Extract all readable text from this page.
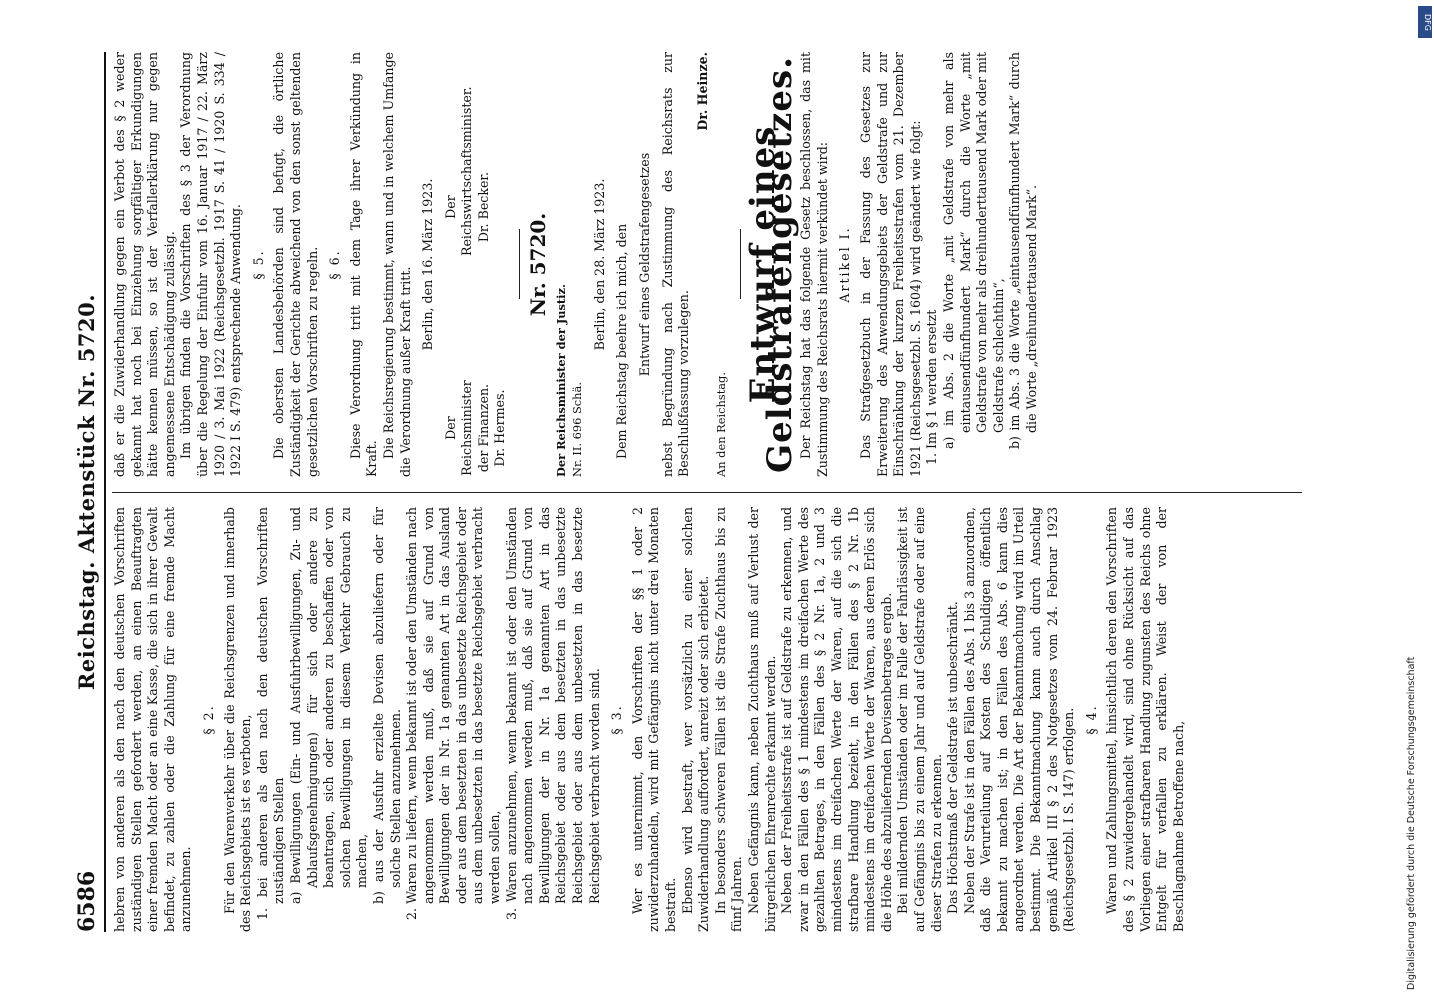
6586
Reichstag. Aktenstück Nr. 5720.

hebren von anderen als den nach den deutschen Vorschriften zuständigen Stellen gefordert werden, an einen Beauftragten einer fremden Macht oder an eine Kasse, die sich in ihrer Gewalt befindet, zu zahlen oder die Zahlung für eine fremde Macht anzunehmen.

§ 2. Für den Warenverkehr über die Reichsgrenzen und innerhalb des Reichsgebiets ist es verboten, 1. bei anderen als den nach den deutschen Vorschriften zuständigen Stellen a) Bewilligungen (Ein- und Ausfuhrbewilligungen, Zu- und Ablaufsgenehmigungen) für sich oder andere zu beantragen, sich oder anderen zu beschaffen oder von solchen Bewilligungen in diesem Verkehr Gebrauch zu machen, b) aus der Ausfuhr erzielte Devisen abzuliefern oder für solche Stellen anzunehmen. 2. Waren zu liefern, wenn bekannt ist oder den Umständen nach angenommen werden muß, daß sie auf Grund von Bewilligungen der in Nr. 1a genannten Art in das Ausland oder aus dem besetzten in das unbesetzte Reichsgebiet oder aus dem unbesetzten in das besetzte Reichsgebiet verbracht werden sollen, 3. Waren anzunehmen, wenn bekannt ist oder den Umständen nach angenommen werden muß, daß sie auf Grund von Bewilligungen der in Nr. 1a genannten Art in das Reichsgebiet oder aus dem besetzten in das unbesetzte Reichsgebiet oder aus dem unbesetzten in das besetzte Reichsgebiet verbracht worden sind. § 3. Wer es unternimmt, den Vorschriften der §§ 1 oder 2 zuwiderzuhandeln, wird mit Gefängnis nicht unter drei Monaten bestraft. Ebenso wird bestraft, wer vorsätzlich zu einer solchen Zuwiderhandlung auffordert, anreizt oder sich erbietet. In besonders schweren Fällen ist die Strafe Zuchthaus bis zu fünf Jahren. Neben Gefängnis kann, neben Zuchthaus muß auf Verlust der bürgerlichen Ehrenrechte erkannt werden. Neben der Freiheitsstrafe ist auf Geldstrafe zu erkennen, und zwar in den Fällen des § 1 mindestens im dreifachen Werte des gezahlten Betrages, in den Fällen des § 2 Nr. 1a, 2 und 3 mindestens im dreifachen Werte der Waren, auf die sich die strafbare Handlung bezieht, in den Fällen des § 2 Nr. 1b mindestens im dreifachen Werte der Waren, aus deren Erlös sich die Höhe des abzuliefernden Devisenbetrages ergab. Bei mildernden Umständen oder im Falle der Fahrlässigkeit ist auf Gefängnis bis zu einem Jahr und auf Geldstrafe oder auf eine dieser Strafen zu erkennen. Das Höchstmaß der Geldstrafe ist unbeschränkt. Neben der Strafe ist in den Fällen des Abs. 1 bis 3 anzuordnen, daß die Verurteilung auf Kosten des Schuldigen öffentlich bekannt zu machen ist; in den Fällen des Abs. 6 kann dies angeordnet werden. Die Art der Bekanntmachung wird im Urteil bestimmt. Die Bekanntmachung kann auch durch Anschlag gemäß Artikel III § 2 des Notgesetzes vom 24. Februar 1923 (Reichsgesetzbl. I S. 147) erfolgen. § 4. Waren und Zahlungsmittel, hinsichtlich deren den Vorschriften des § 2 zuwidergehandelt wird, sind ohne Rücksicht auf das Vorliegen einer strafbaren Handlung zugunsten des Reichs ohne Entgelt für verfallen zu erklären. Weist der von der Beschlagnahme Betroffene nach,

daß er die Zuwiderhandlung gegen ein Verbot des § 2 weder gekannt hat noch bei Einziehung sorgfältiger Erkundigungen hätte kennen müssen, so ist der Verfallerklärung nur gegen angemessene Entschädigung zulässig. Im übrigen finden die Vorschriften des § 3 der Verordnung über die Regelung der Einfuhr vom 16. Januar 1917 / 22. März 1920 / 3. Mai 1922 (Reichsgesetzbl. 1917 S. 41 / 1920 S. 334 / 1922 I S. 479) entsprechende Anwendung. § 5. Die obersten Landesbehörden sind befugt, die örtliche Zuständigkeit der Gerichte abweichend von den sonst geltenden gesetzlichen Vorschriften zu regeln. § 6. Diese Verordnung tritt mit dem Tage ihrer Verkündung in Kraft. Die Reichsregierung bestimmt, wann und in welchem Umfange die Verordnung außer Kraft tritt.

Berlin, den 16. März 1923.
Der Reichsminister der Finanzen. Dr. Hermes.
Der Reichswirtschaftsminister. Dr. Becker.
Nr. 5720.
Der Reichsminister der Justiz. Nr. II. 696 Schä.
Berlin, den 28. März 1923. Dem Reichstag beehre ich mich, den Entwurf eines Geldstrafengesetzes nebst Begründung nach Zustimmung des Reichsrats zur Beschlußfassung vorzulegen.

Dr. Heinze.
An den Reichstag.
Entwurf eines Geldstrafengesetzes.

Der Reichstag hat das folgende Gesetz beschlossen, das mit Zustimmung des Reichsrats hiermit verkündet wird: Artikel I. Das Strafgesetzbuch in der Fassung des Gesetzes zur Erweiterung des Anwendungsgebiets der Geldstrafe und zur Einschränkung der kurzen Freiheitsstrafen vom 21. Dezember 1921 (Reichsgesetzbl. S. 1604) wird geändert wie folgt: 1. Im § 1 werden ersetzt a) im Abs. 2 die Worte „mit Geldstrafe von mehr als eintausendfünfhundert Mark“ durch die Worte „mit Geldstrafe von mehr als dreihunderttausend Mark oder mit Geldstrafe schlechthin“, b) im Abs. 3 die Worte „eintausendfünfhundert Mark“ durch die Worte „dreihunderttausend Mark“.

Digitalisierung gefördert durch die Deutsche Forschungsgemeinschaft
DFG
